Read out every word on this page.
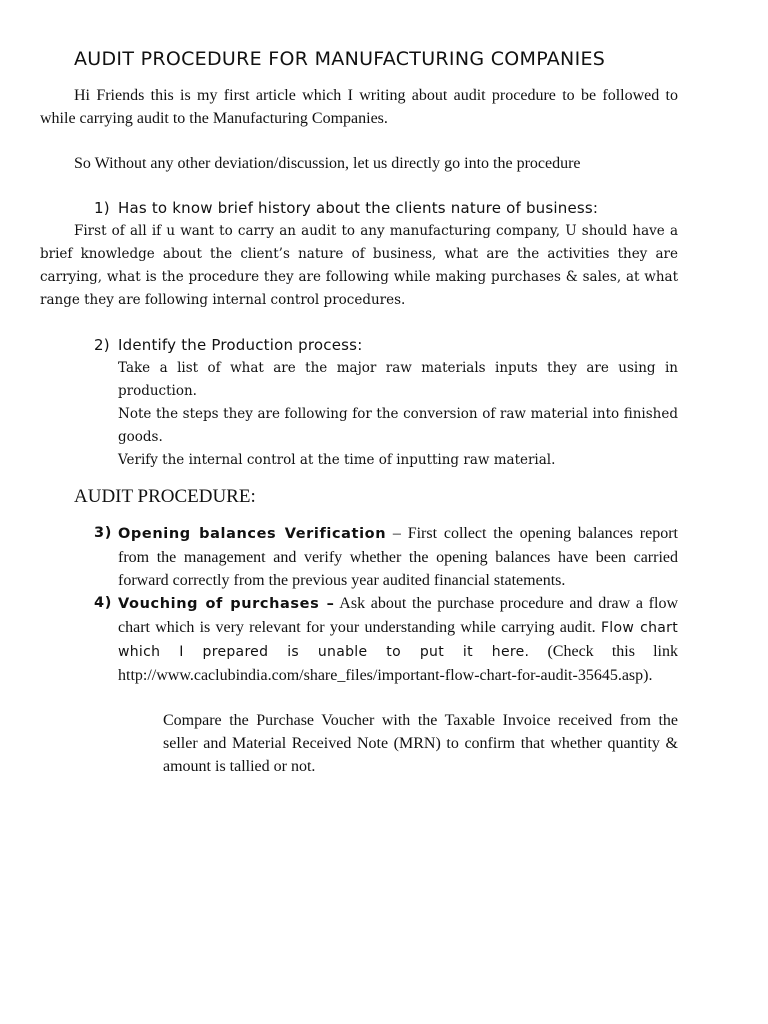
AUDIT PROCEDURE FOR MANUFACTURING COMPANIES

Hi Friends this is my first article which I writing about audit procedure to be followed to while carrying audit to the Manufacturing Companies.

So Without any other deviation/discussion, let us directly go into the procedure

1) Has to know brief history about the clients nature of business:

First of all if u want to carry an audit to any manufacturing company, U should have a brief knowledge about the client’s nature of business, what are the activities they are carrying, what is the procedure they are following while making purchases & sales, at what range they are following internal control procedures.

2) Identify the Production process:

Take a list of what are the major raw materials inputs they are using in production.

Note the steps they are following for the conversion of raw material into finished goods.

Verify the internal control at the time of inputting raw material.

AUDIT PROCEDURE:
3) Opening balances Verification – First collect the opening balances report from the management and verify whether the opening balances have been carried forward correctly from the previous year audited financial statements.
4) Vouching of purchases – Ask about the purchase procedure and draw a flow chart which is very relevant for your understanding while carrying audit. Flow chart which I prepared is unable to put it here. (Check this link http://www.caclubindia.com/share_files/important-flow-chart-for-audit-35645.asp).

Compare the Purchase Voucher with the Taxable Invoice received from the seller and Material Received Note (MRN) to confirm that whether quantity & amount is tallied or not.
